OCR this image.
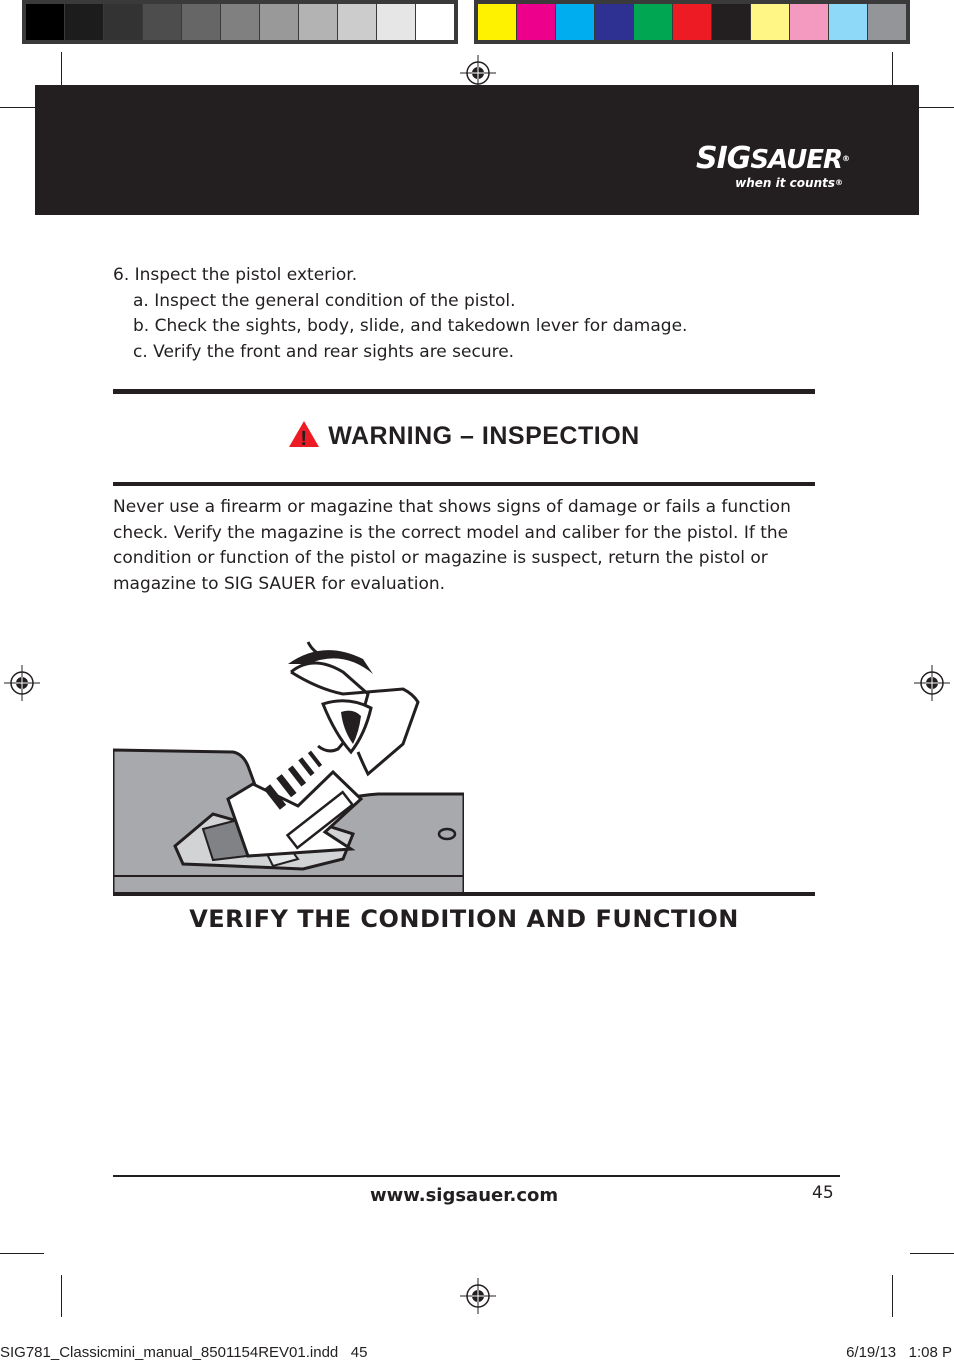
SIGSAUER®
when it counts®
6. Inspect the pistol exterior.
a. Inspect the general condition of the pistol.
b. Check the sights, body, slide, and takedown lever for damage.
c. Verify the front and rear sights are secure.
! WARNING – INSPECTION
Never use a firearm or magazine that shows signs of damage or fails a function check. Verify the magazine is the correct model and caliber for the pistol. If the condition or function of the pistol or magazine is suspect, return the pistol or magazine to SIG SAUER for evaluation.
VERIFY THE CONDITION AND FUNCTION
www.sigsauer.com	45
SIG781_Classicmini_manual_8501154REV01.indd   45	6/19/13   1:08 P
